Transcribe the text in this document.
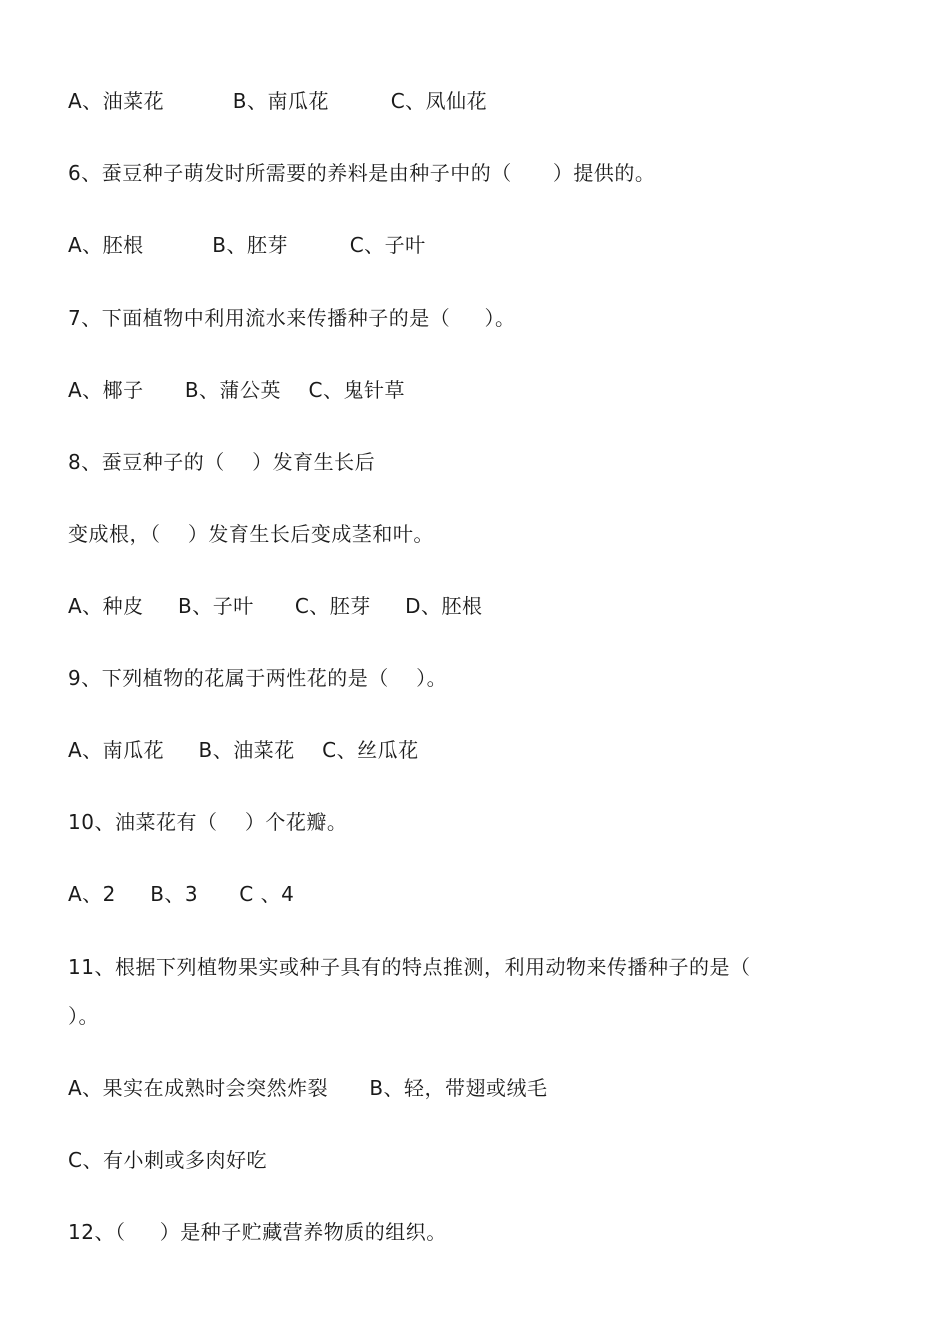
A、油菜花          B、南瓜花         C、凤仙花
6、蚕豆种子萌发时所需要的养料是由种子中的（      ）提供的。
A、胚根          B、胚芽         C、子叶
7、下面植物中利用流水来传播种子的是（     ）。
A、椰子      B、蒲公英    C、鬼针草
8、蚕豆种子的（    ）发育生长后
变成根，（    ）发育生长后变成茎和叶。
A、种皮     B、子叶      C、胚芽     D、胚根
9、下列植物的花属于两性花的是（    ）。
A、南瓜花     B、油菜花    C、丝瓜花
10、油菜花有（    ）个花瓣。
A、2     B、3      C 、4
11、根据下列植物果实或种子具有的特点推测，利用动物来传播种子的是（
）。
A、果实在成熟时会突然炸裂      B、轻，带翅或绒毛
C、有小刺或多肉好吃
12、（     ）是种子贮藏营养物质的组织。
